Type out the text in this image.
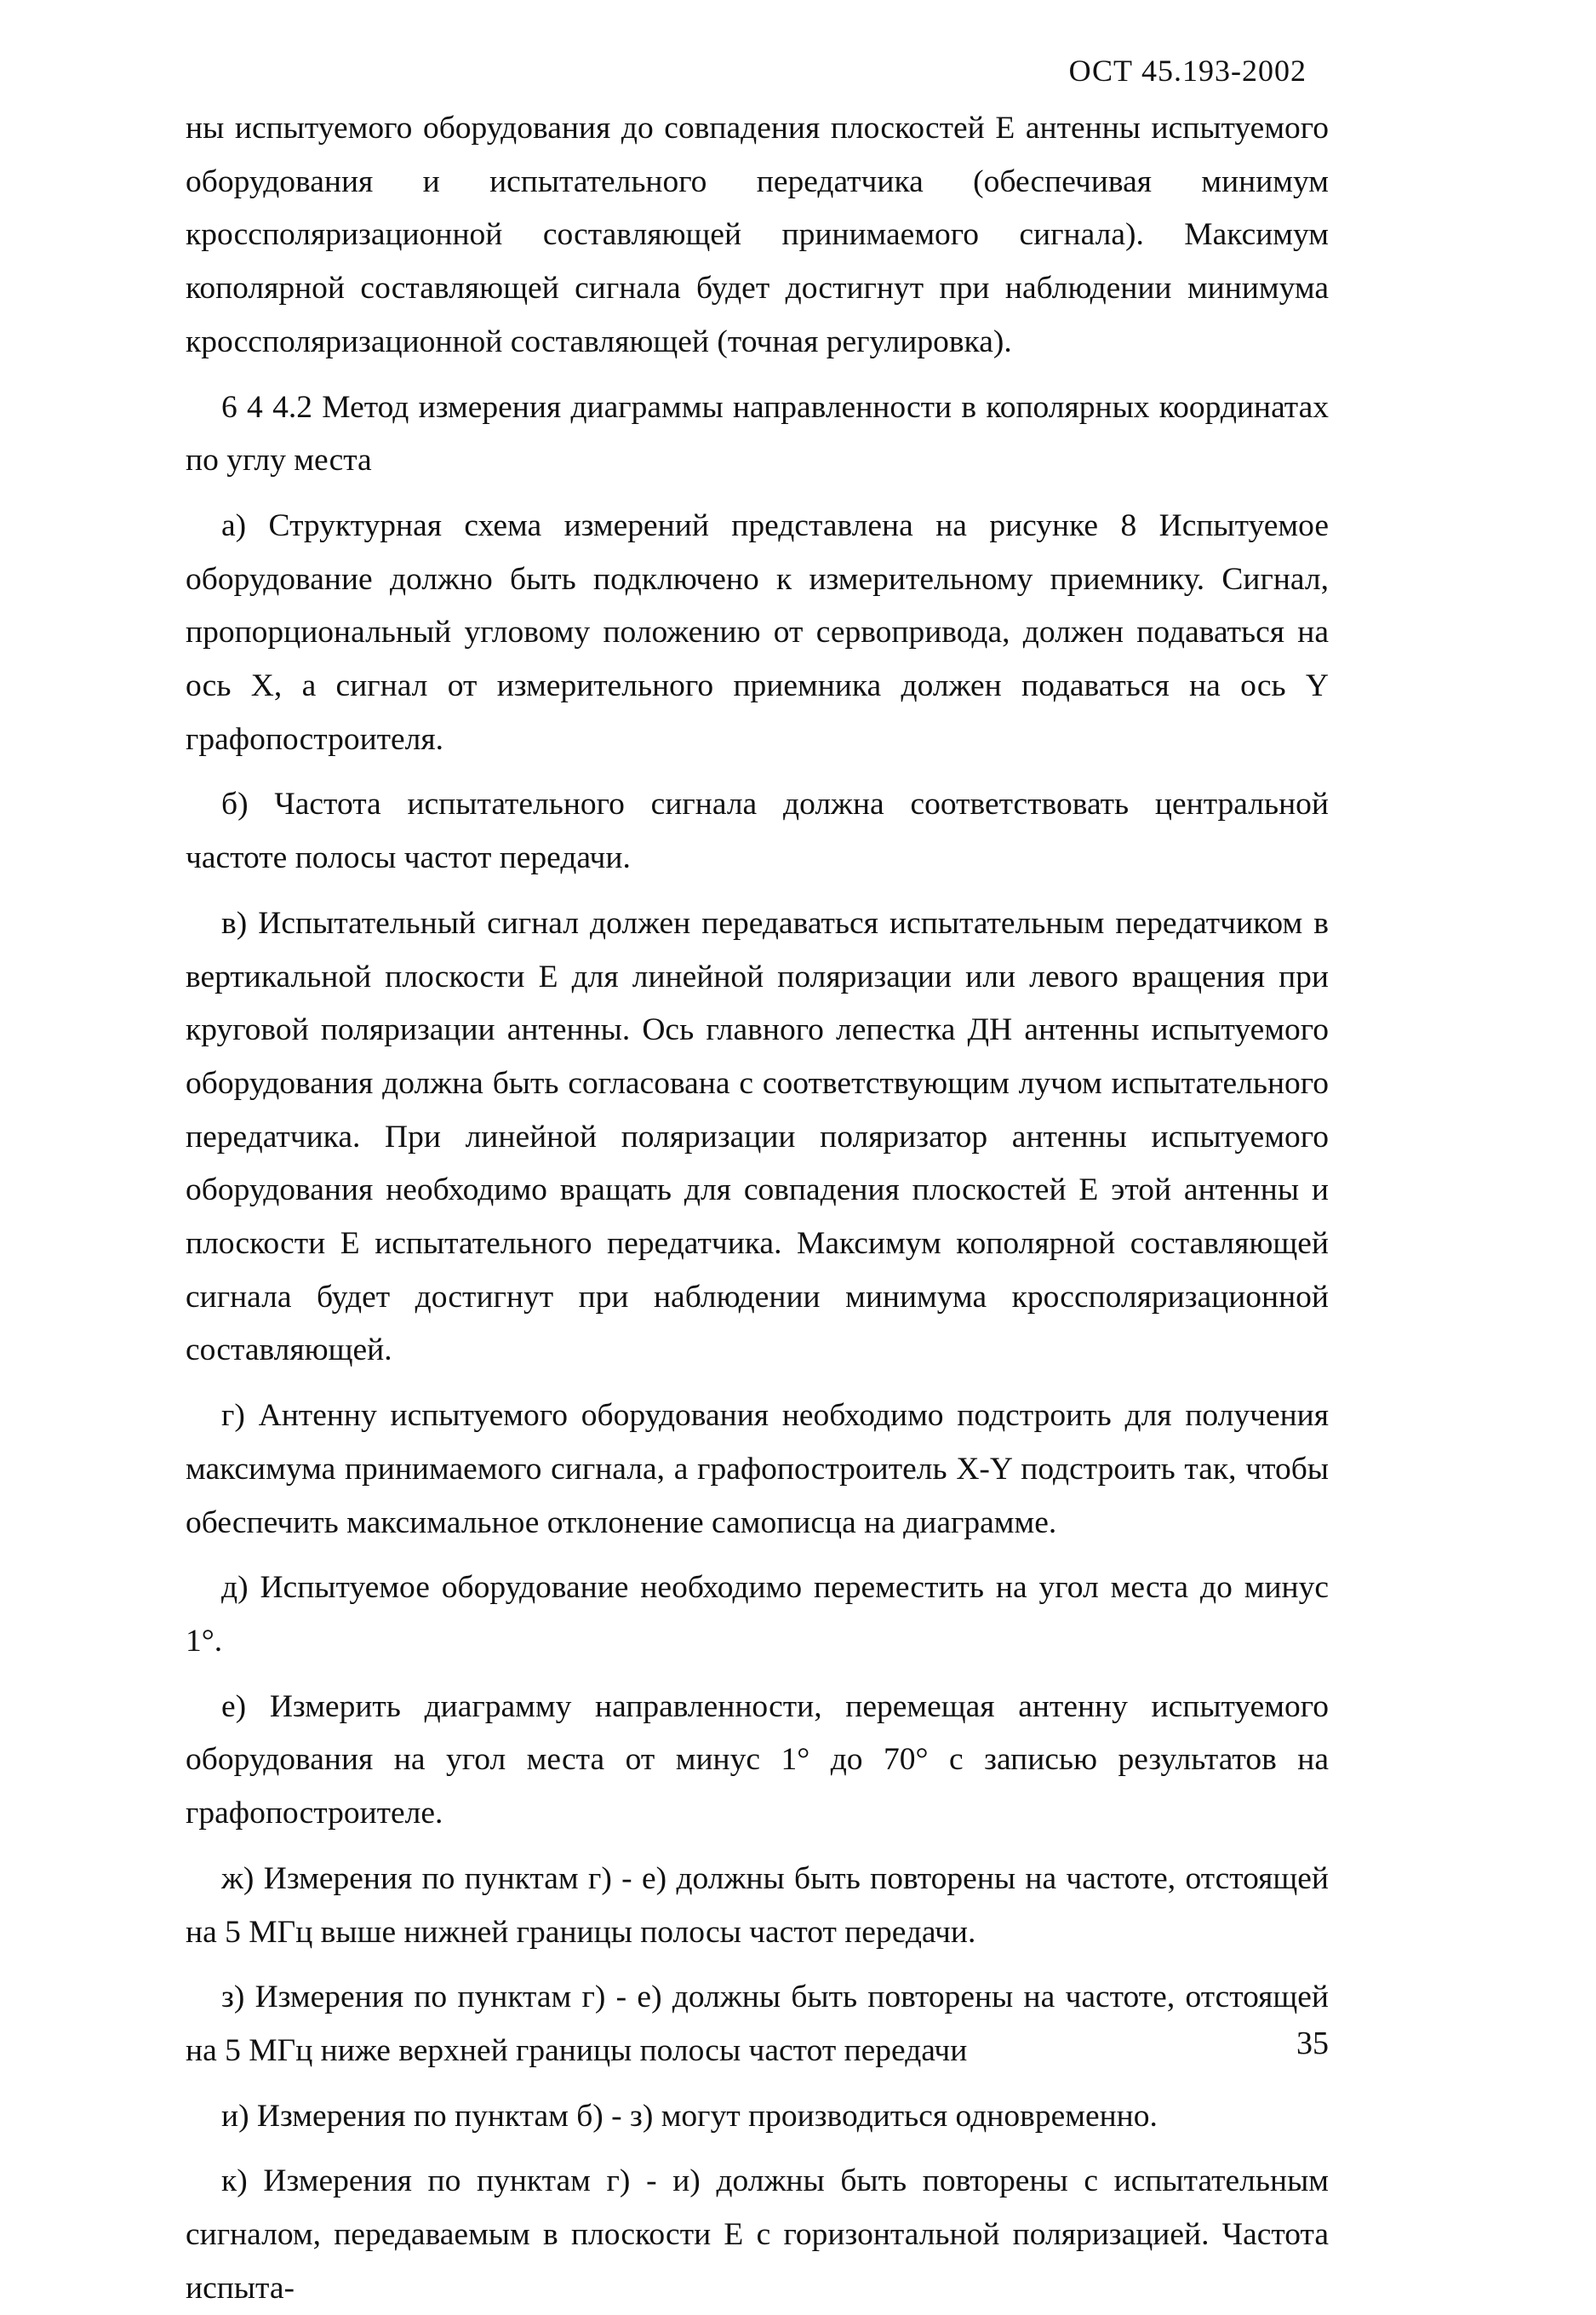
ОСТ 45.193-2002

ны испытуемого оборудования до совпадения плоскостей Е антенны испытуемого оборудования и испытательного передатчика (обеспечивая минимум кроссполяризационной составляющей принимаемого сигнала). Максимум кополярной составляющей сигнала будет достигнут при наблюдении минимума кроссполяризационной составляющей (точная регулировка).

6 4 4.2 Метод измерения диаграммы направленности в кополярных координатах по углу места

а) Структурная схема измерений представлена на рисунке 8 Испытуемое оборудование должно быть подключено к измерительному приемнику. Сигнал, пропорциональный угловому положению от сервопривода, должен подаваться на ось X, а сигнал от измерительного приемника должен подаваться на ось Y графопостроителя.

б) Частота испытательного сигнала должна соответствовать центральной частоте полосы частот передачи.

в) Испытательный сигнал должен передаваться испытательным передатчиком в вертикальной плоскости Е для линейной поляризации или левого вращения при круговой поляризации антенны. Ось главного лепестка ДН антенны испытуемого оборудования должна быть согласована с соответствующим лучом испытательного передатчика. При линейной поляризации поляризатор антенны испытуемого оборудования необходимо вращать для совпадения плоскостей Е этой антенны и плоскости Е испытательного передатчика. Максимум кополярной составляющей сигнала будет достигнут при наблюдении минимума кроссполяризационной составляющей.

г) Антенну испытуемого оборудования необходимо подстроить для получения максимума принимаемого сигнала, а графопостроитель X-Y подстроить так, чтобы обеспечить максимальное отклонение самописца на диаграмме.

д) Испытуемое оборудование необходимо переместить на угол места до минус 1°.

е) Измерить диаграмму направленности, перемещая антенну испытуемого оборудования на угол места от минус 1° до 70° с записью результатов на графопостроителе.

ж) Измерения по пунктам г) - е) должны быть повторены на частоте, отстоящей на 5 МГц выше нижней границы полосы частот передачи.

з) Измерения по пунктам г) - е) должны быть повторены на частоте, отстоящей на 5 МГц ниже верхней границы полосы частот передачи

и) Измерения по пунктам б) - з) могут производиться одновременно.

к) Измерения по пунктам г) - и) должны быть повторены с испытательным сигналом, передаваемым в плоскости Е с горизонтальной поляризацией. Частота испыта-

35
